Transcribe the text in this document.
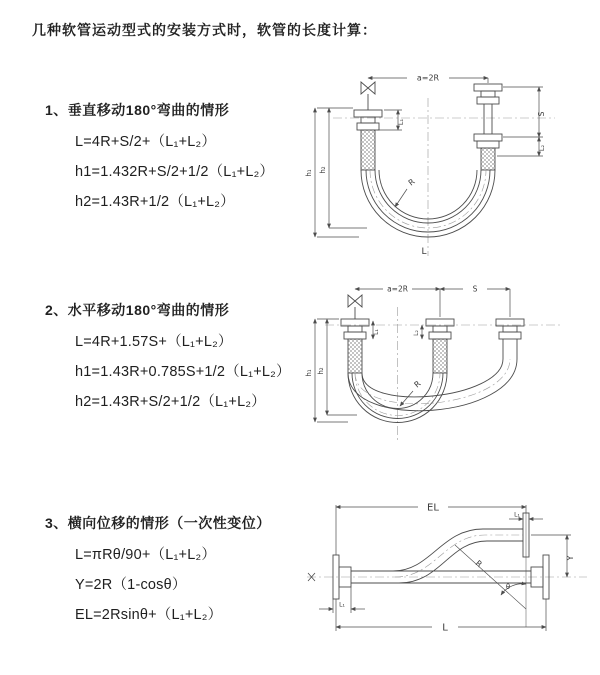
几种软管运动型式的安装方式时，软管的长度计算：
1、垂直移动180°弯曲的情形
L=4R+S/2+（L₁+L₂）
h1=1.432R+S/2+1/2（L₁+L₂）
h2=1.43R+1/2（L₁+L₂）
a=2R
h₁ h₂
S
L₂
L₁
R
L
2、水平移动180°弯曲的情形
L=4R+1.57S+（L₁+L₂）
h1=1.43R+0.785S+1/2（L₁+L₂）
h2=1.43R+S/2+1/2（L₁+L₂）
a=2R	S
h₁ h₂
L₁	L₂
R
3、横向位移的情形（一次性变位）
L=πRθ/90+（L₁+L₂）
Y=2R（1-cosθ）
EL=2Rsinθ+（L₁+L₂）
EL
L₁
Y
R
θ
L₁
L
